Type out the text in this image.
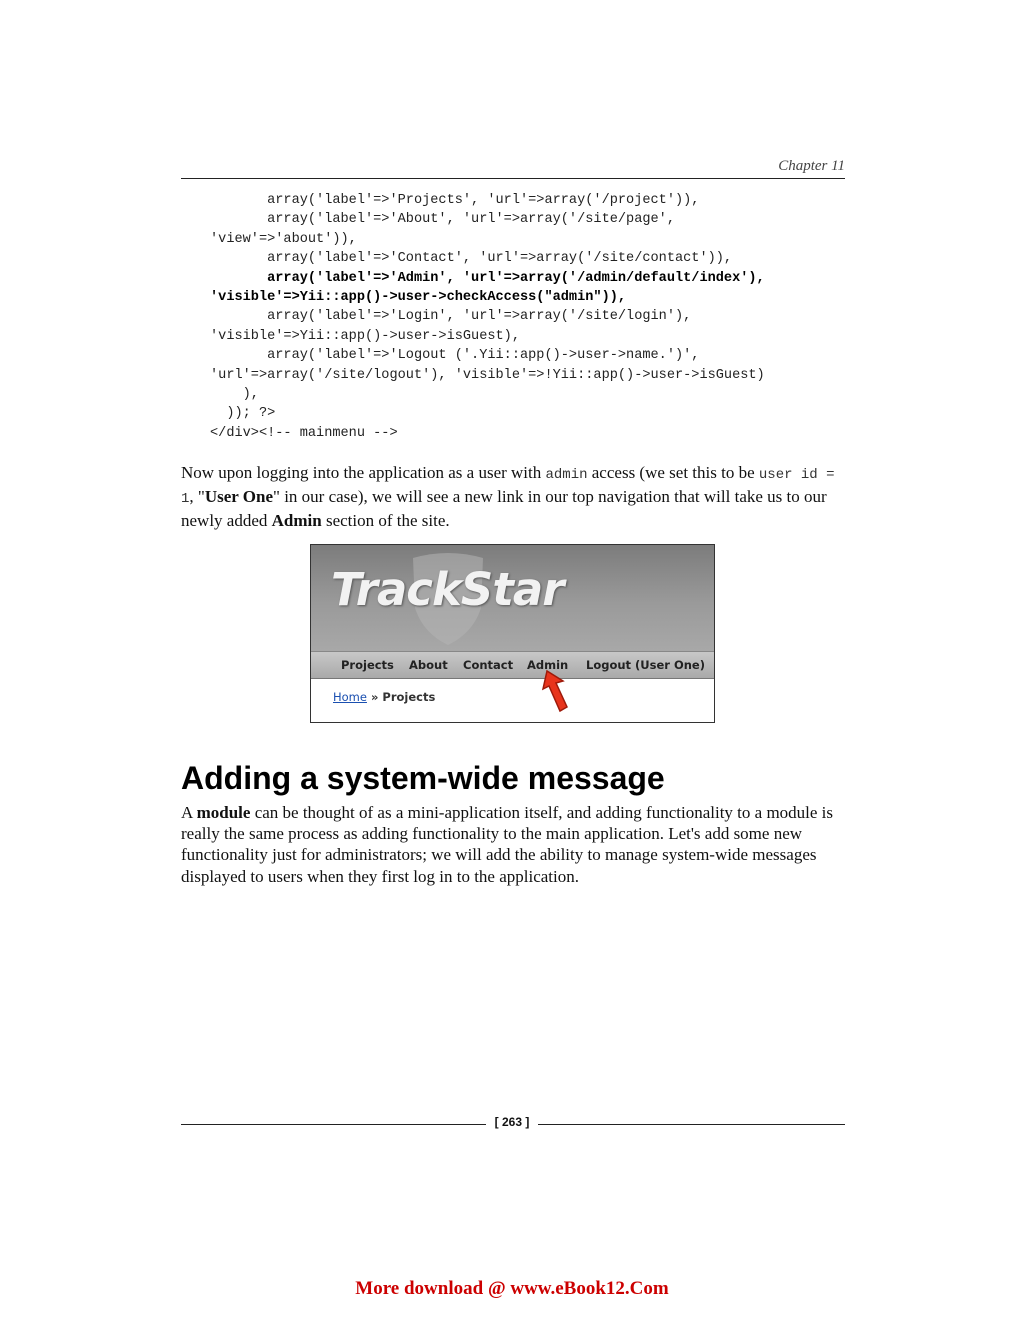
Chapter 11
array('label'=>'Projects', 'url'=>array('/project')),
array('label'=>'About', 'url'=>array('/site/page',
'view'=>'about')),
array('label'=>'Contact', 'url'=>array('/site/contact')),
array('label'=>'Admin', 'url'=>array('/admin/default/index'),
'visible'=>Yii::app()->user->checkAccess("admin")),
array('label'=>'Login', 'url'=>array('/site/login'),
'visible'=>Yii::app()->user->isGuest),
array('label'=>'Logout ('.Yii::app()->user->name.')',
'url'=>array('/site/logout'), 'visible'=>!Yii::app()->user->isGuest)
),
)); ?>
</div><!-- mainmenu -->

Now upon logging into the application as a user with admin access (we set this to be user id = 1, "User One" in our case), we will see a new link in our top navigation that will take us to our newly added Admin section of the site.

TrackStar
Projects About Contact Admin Logout (User One)
Home » Projects
Adding a system-wide message

A module can be thought of as a mini-application itself, and adding functionality to a module is really the same process as adding functionality to the main application. Let's add some new functionality just for administrators; we will add the ability to manage system-wide messages displayed to users when they first log in to the application.

[ 263 ]
More download @ www.eBook12.Com
